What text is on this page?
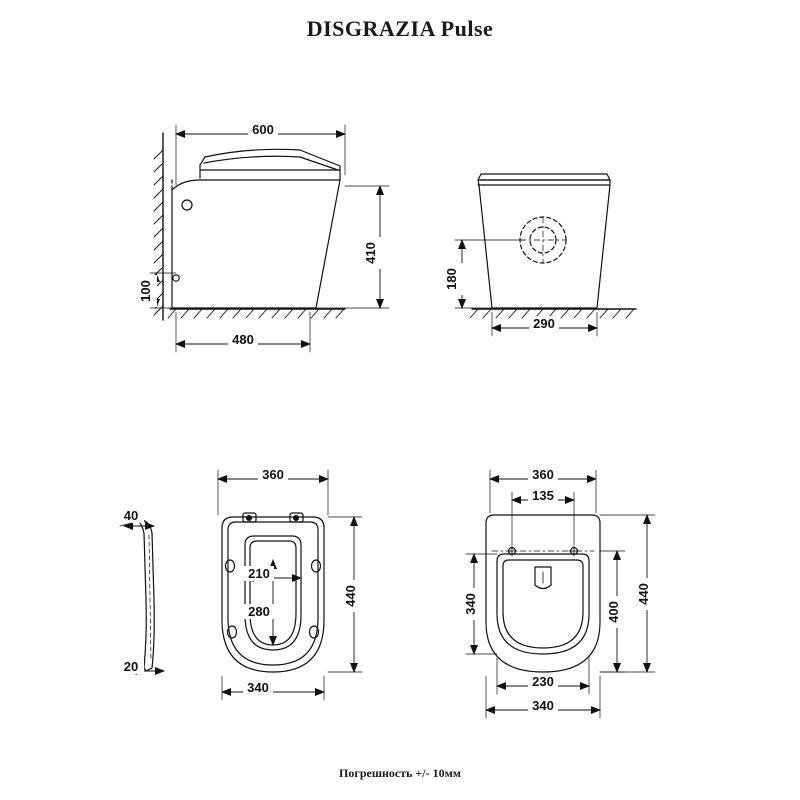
DISGRAZIA Pulse
Погрешность +/- 10мм
600
410
100
480
180
290
40
20
360
210
280
440
340
360
135
340	400
440
230
340
